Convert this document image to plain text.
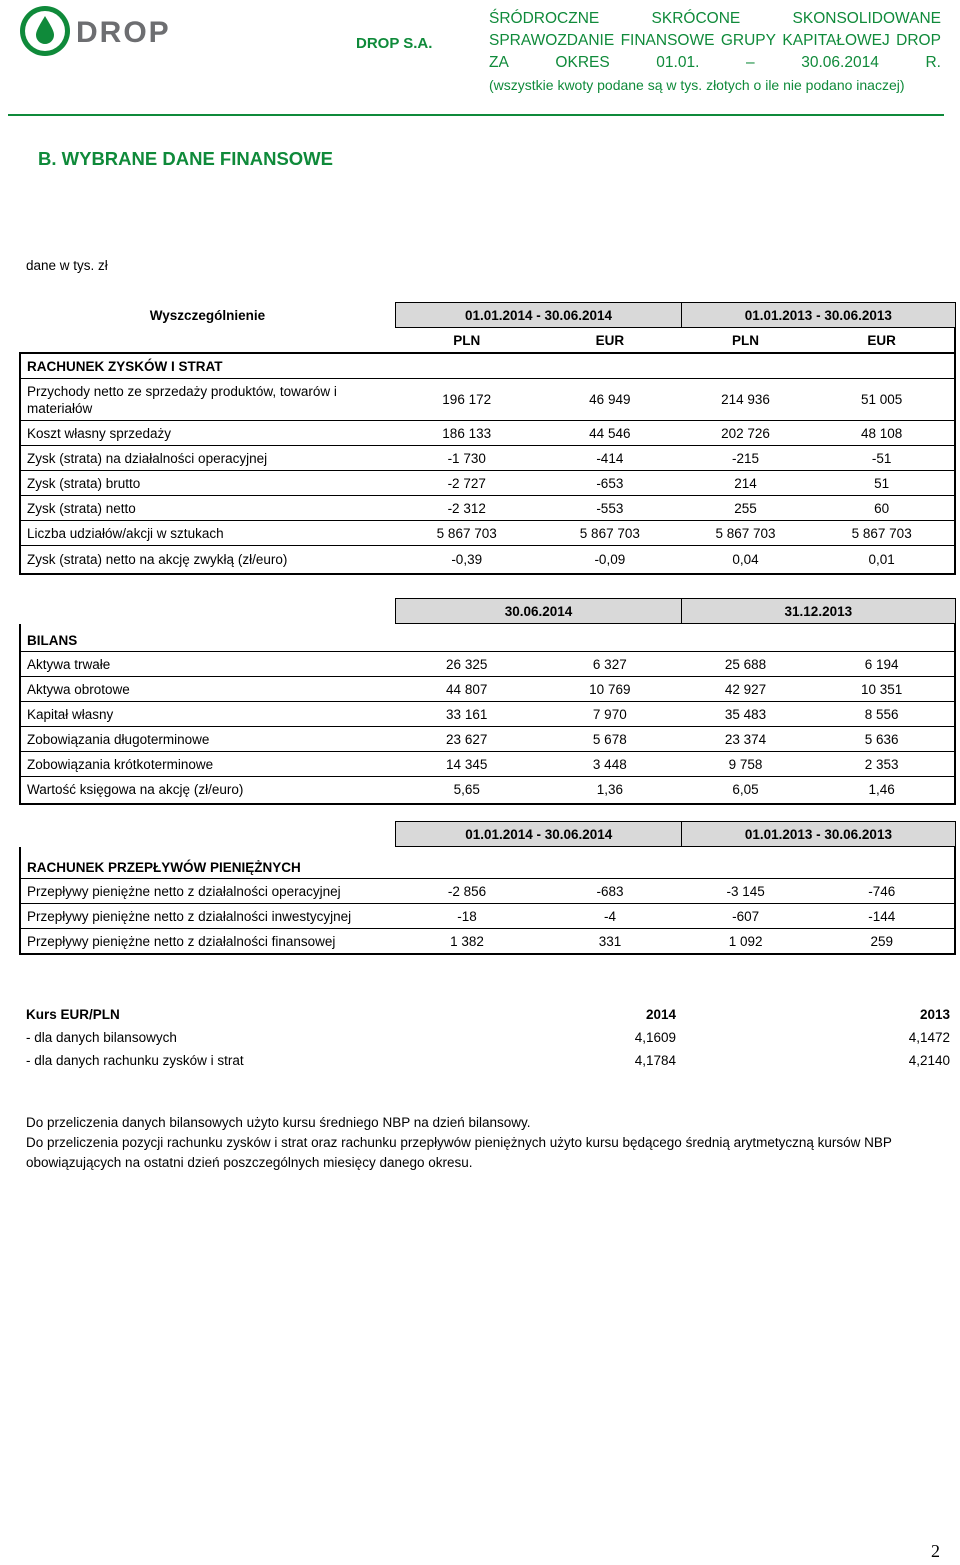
DROP	DROP S.A.
ŚRÓDROCZNE	SKRÓCONE	SKONSOLIDOWANE
SPRAWOZDANIE FINANSOWE GRUPY KAPITAŁOWEJ DROP
ZA	OKRES	01.01.	–	30.06.2014	R.
(wszystkie kwoty podane są w tys. złotych o ile nie podano inaczej)
B. WYBRANE DANE FINANSOWE
dane w tys. zł
Wyszczególnienie	01.01.2014 - 30.06.2014		01.01.2013 - 30.06.2013	
	PLN	EUR	PLN	EUR
RACHUNEK ZYSKÓW I STRAT				
Przychody netto ze sprzedaży produktów, towarów i materiałów	196 172	46 949	214 936	51 005
Koszt własny sprzedaży	186 133	44 546	202 726	48 108
Zysk (strata) na działalności operacyjnej	-1 730	-414	-215	-51
Zysk (strata) brutto	-2 727	-653	214	51
Zysk (strata) netto	-2 312	-553	255	60
Liczba udziałów/akcji w sztukach	5 867 703	5 867 703	5 867 703	5 867 703
Zysk (strata) netto na akcję zwykłą (zł/euro)	-0,39	-0,09	0,04	0,01
	30.06.2014		31.12.2013	
BILANS				
Aktywa trwałe	26 325	6 327	25 688	6 194
Aktywa obrotowe	44 807	10 769	42 927	10 351
Kapitał własny	33 161	7 970	35 483	8 556
Zobowiązania długoterminowe	23 627	5 678	23 374	5 636
Zobowiązania krótkoterminowe	14 345	3 448	9 758	2 353
Wartość księgowa na akcję (zł/euro)	5,65	1,36	6,05	1,46
	01.01.2014 - 30.06.2014		01.01.2013 - 30.06.2013	
RACHUNEK PRZEPŁYWÓW PIENIĘŻNYCH				
Przepływy pieniężne netto z działalności operacyjnej	-2 856	-683	-3 145	-746
Przepływy pieniężne netto z działalności inwestycyjnej	-18	-4	-607	-144
Przepływy pieniężne netto z działalności finansowej	1 382	331	1 092	259
Kurs EUR/PLN	2014	2013
- dla danych bilansowych	4,1609	4,1472
- dla danych rachunku zysków i strat	4,1784	4,2140
Do przeliczenia danych bilansowych użyto kursu średniego NBP na dzień bilansowy.
Do przeliczenia pozycji rachunku zysków i strat oraz rachunku przepływów pieniężnych użyto kursu będącego średnią arytmetyczną kursów NBP obowiązujących na ostatni dzień poszczególnych miesięcy danego okresu.
2
